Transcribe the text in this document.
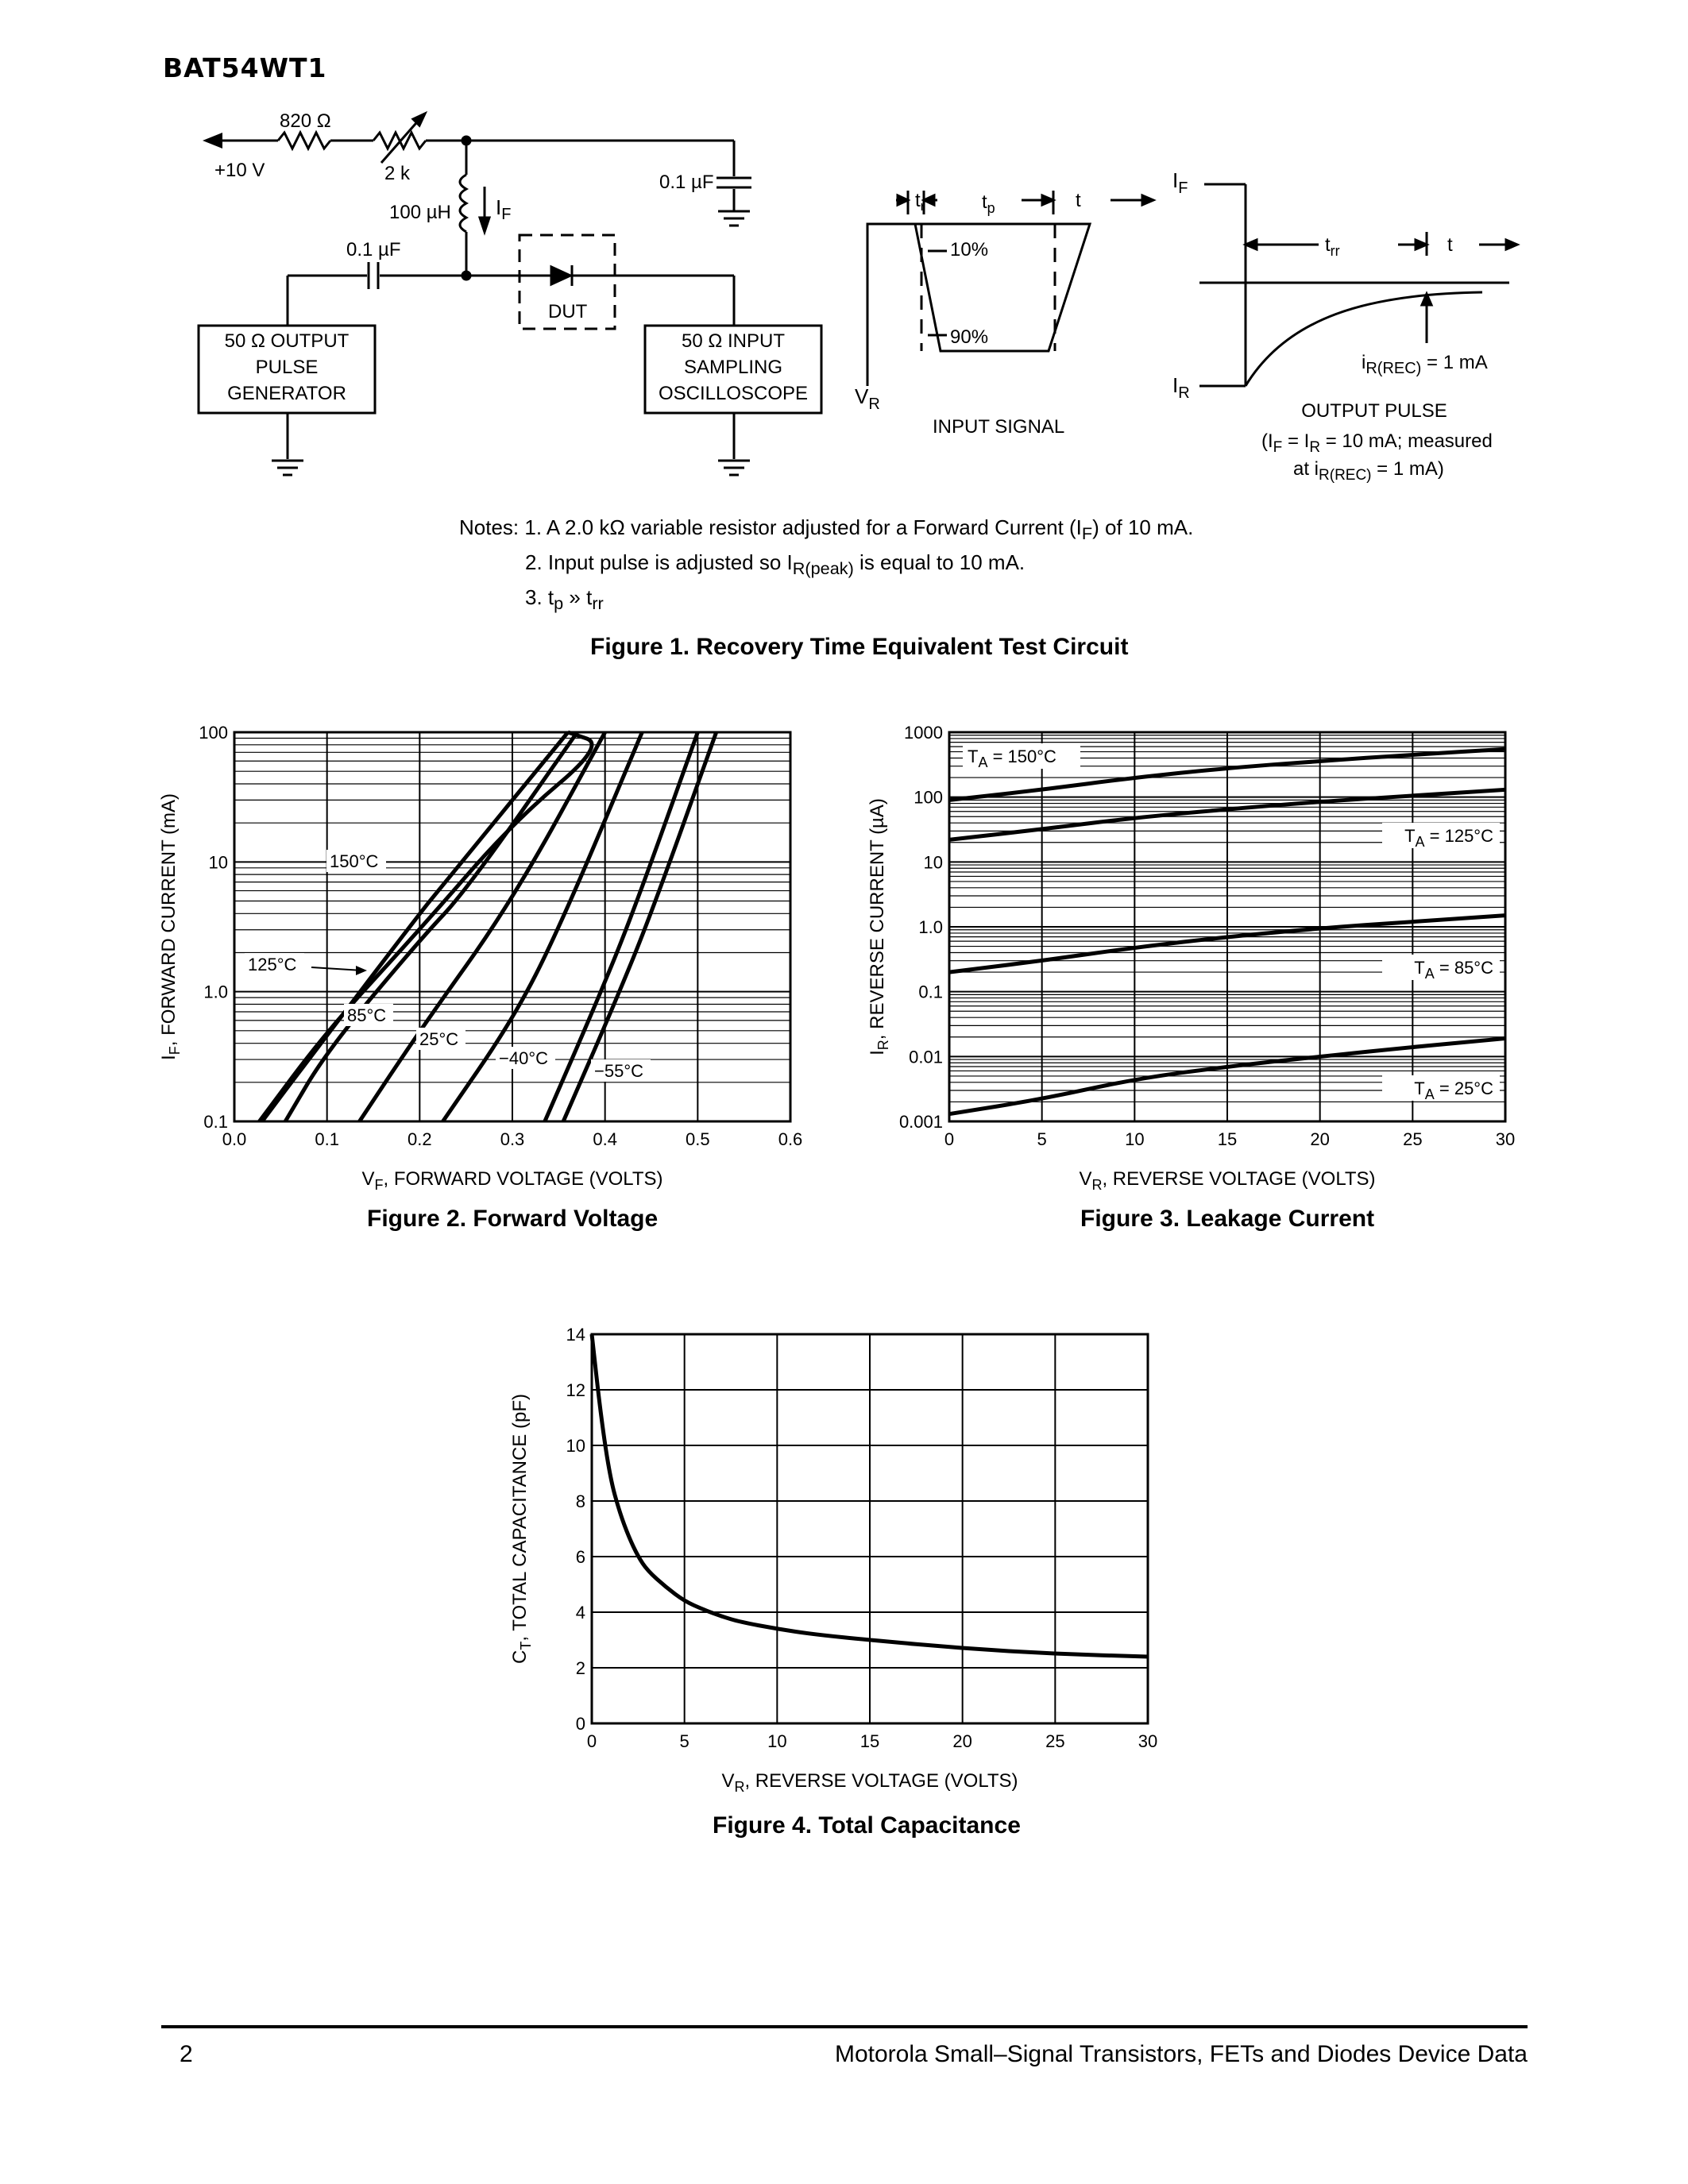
BAT54WT1
+10 V
820 Ω
2 k
100 µH
0.1 µF
0.1 µF
$I_F$
DUT
50 Ω OUTPUT
PULSE
GENERATOR
50 Ω INPUT
SAMPLING
OSCILLOSCOPE
$t_r$	$t_p$	t
10%
90%
$V_R$
INPUT SIGNAL
$I_F$
$I_R$
$t_{rr}$	t
$i_{R(REC)} = 1$ mA
OUTPUT PULSE
($I_F = I_R = 10$ mA; measured
at $i_{R(REC)} = 1$ mA)
Notes: 1. A 2.0 kΩ variable resistor adjusted for a Forward Current $(I_F)$ of 10 mA.
2. Input pulse is adjusted so $I_{R(peak)}$ is equal to 10 mA.
3. $t_p$ » $t_{rr}$
Figure 1. Recovery Time Equivalent Test Circuit
0.0	0.1	0.2	0.3	0.4	0.5	0.6
0.1
1.0
10
100
$V_F$, FORWARD VOLTAGE (VOLTS)
$I_F$, FORWARD CURRENT (mA)	150°C
125°C
85°C
25°C
−40°C
−55°C
Figure 2. Forward Voltage
0	5	10	15	20	25	30
0.001
0.01
0.1
1.0
10
100
1000
$V_R$, REVERSE VOLTAGE (VOLTS)
$I_R$, REVERSE CURRENT (µA)
$T_A = 150^\circ C$
$T_A = 125^\circ C$
$T_A = 85^\circ C$
$T_A = 25^\circ C$
Figure 3. Leakage Current
0	5	10	15	20	25	30
0
2
4
6
8
10
12
14
$V_R$, REVERSE VOLTAGE (VOLTS)
$C_T$, TOTAL CAPACITANCE (pF)
Figure 4. Total Capacitance
2	Motorola Small–Signal Transistors, FETs and Diodes Device Data
